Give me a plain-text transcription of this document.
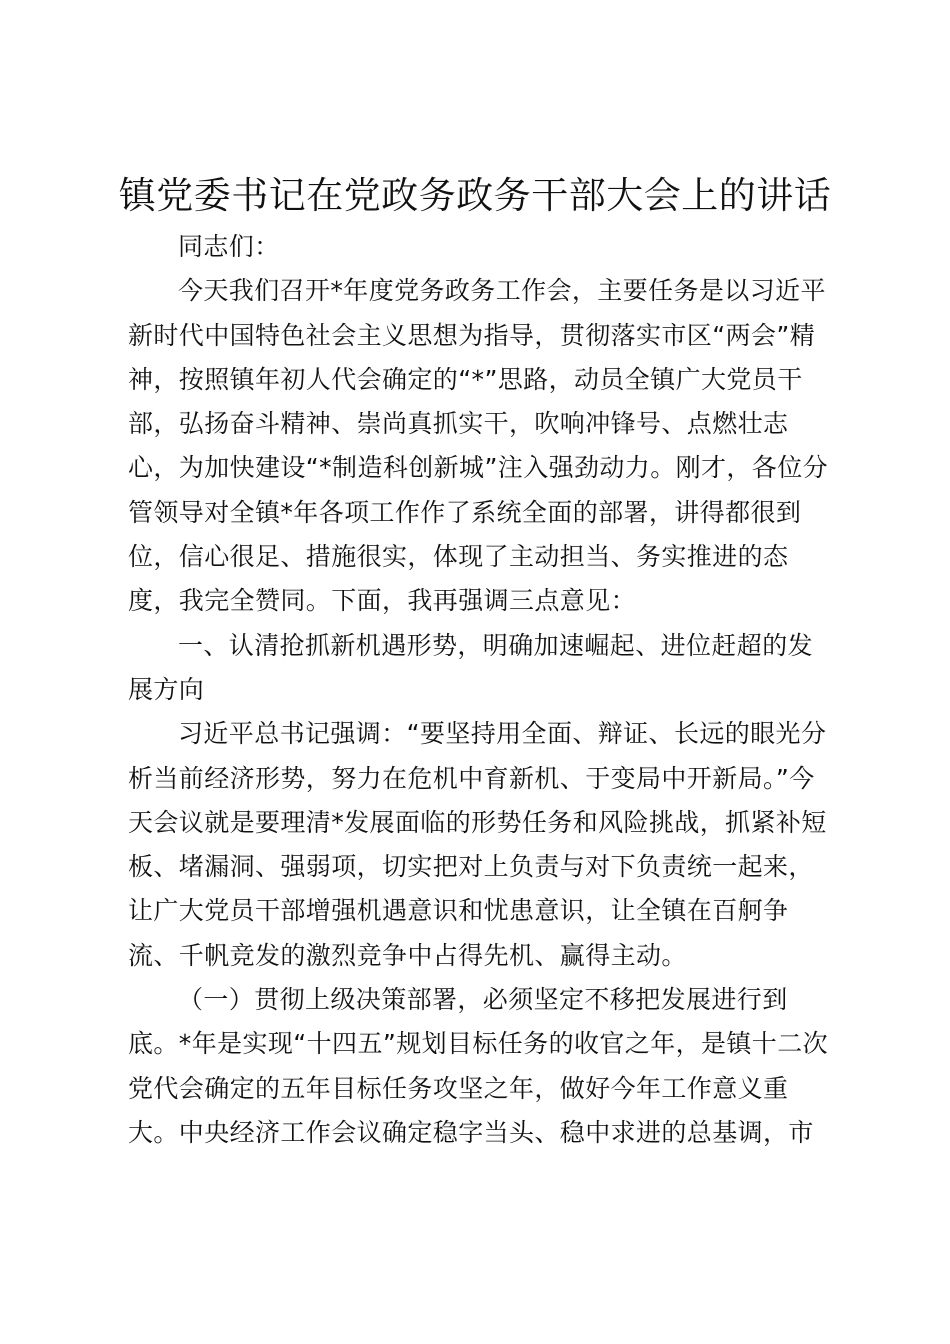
镇党委书记在党政务政务干部大会上的讲话

同志们：

今天我们召开*年度党务政务工作会，主要任务是以习近平

新时代中国特色社会主义思想为指导，贯彻落实市区“两会”精

神，按照镇年初人代会确定的“*”思路，动员全镇广大党员干

部，弘扬奋斗精神、崇尚真抓实干，吹响冲锋号、点燃壮志

心，为加快建设“*制造科创新城”注入强劲动力。刚才，各位分

管领导对全镇*年各项工作作了系统全面的部署，讲得都很到

位，信心很足、措施很实，体现了主动担当、务实推进的态

度，我完全赞同。下面，我再强调三点意见：

一、认清抢抓新机遇形势，明确加速崛起、进位赶超的发

展方向

习近平总书记强调：“要坚持用全面、辩证、长远的眼光分

析当前经济形势，努力在危机中育新机、于变局中开新局。”今

天会议就是要理清*发展面临的形势任务和风险挑战，抓紧补短

板、堵漏洞、强弱项，切实把对上负责与对下负责统一起来，

让广大党员干部增强机遇意识和忧患意识，让全镇在百舸争

流、千帆竞发的激烈竞争中占得先机、赢得主动。

（一）贯彻上级决策部署，必须坚定不移把发展进行到

底。*年是实现“十四五”规划目标任务的收官之年，是镇十二次

党代会确定的五年目标任务攻坚之年，做好今年工作意义重

大。中央经济工作会议确定稳字当头、稳中求进的总基调，市
